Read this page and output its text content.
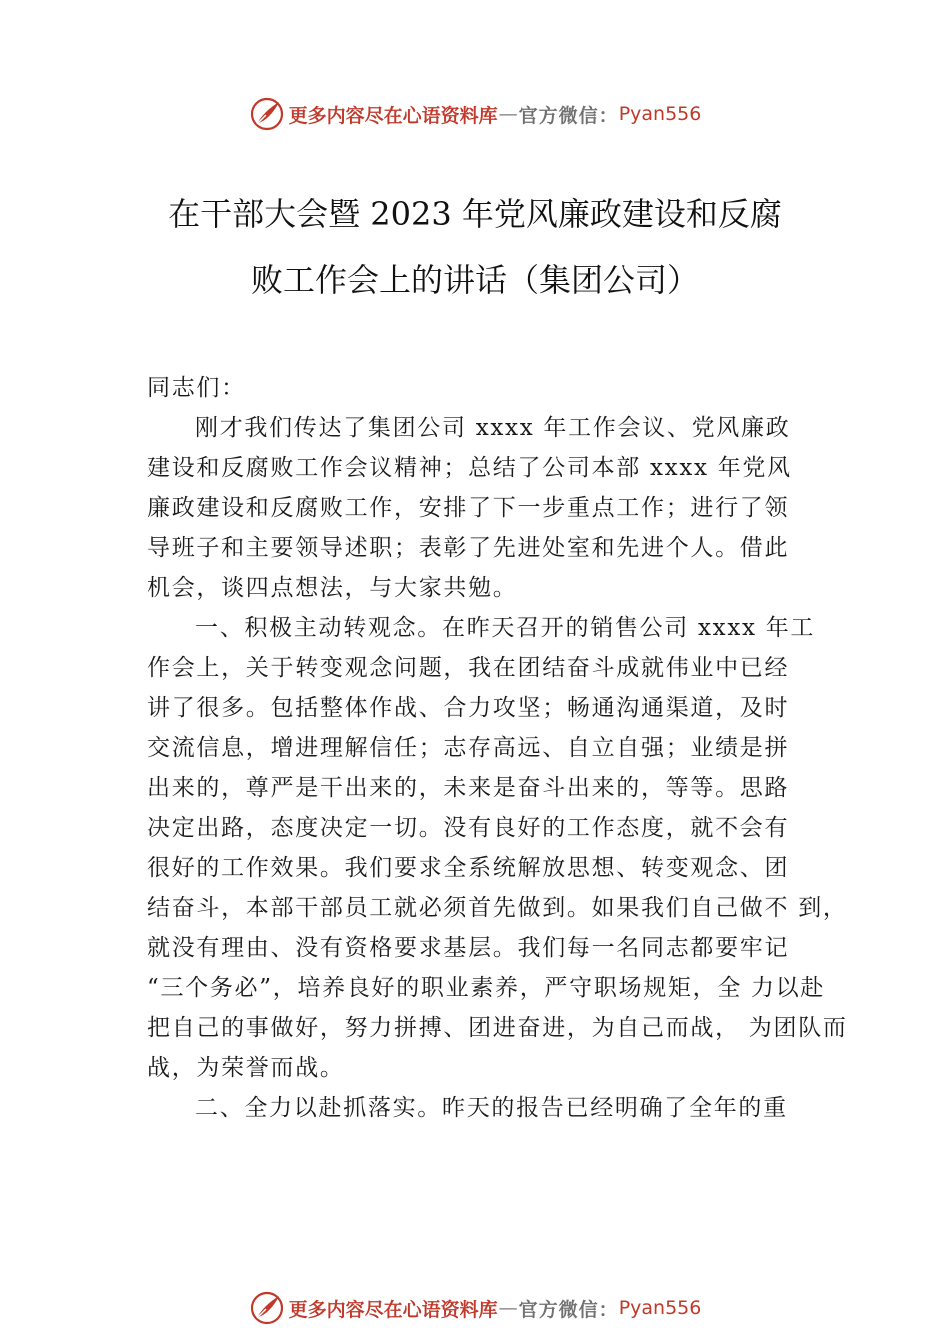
更多内容尽在心语资料库 — 官方微信： Pyan556
在干部大会暨 2023 年党风廉政建设和反腐
败工作会上的讲话（集团公司）
同志们：
刚才我们传达了集团公司 xxxx 年工作会议、党风廉政
建设和反腐败工作会议精神；总结了公司本部 xxxx 年党风
廉政建设和反腐败工作，安排了下一步重点工作；进行了领
导班子和主要领导述职；表彰了先进处室和先进个人。借此
机会，谈四点想法，与大家共勉。
一、积极主动转观念。在昨天召开的销售公司 xxxx 年工
作会上，关于转变观念问题，我在团结奋斗成就伟业中已经
讲了很多。包括整体作战、合力攻坚；畅通沟通渠道，及时
交流信息，增进理解信任；志存高远、自立自强；业绩是拼
出来的，尊严是干出来的，未来是奋斗出来的，等等。思路
决定出路，态度决定一切。没有良好的工作态度，就不会有
很好的工作效果。我们要求全系统解放思想、转变观念、团
结奋斗，本部干部员工就必须首先做到。如果我们自己做不 到，
就没有理由、没有资格要求基层。我们每一名同志都要牢记
“三个务必”，培养良好的职业素养，严守职场规矩，全 力以赴
把自己的事做好，努力拼搏、团进奋进，为自己而战， 为团队而
战，为荣誉而战。
二、全力以赴抓落实。昨天的报告已经明确了全年的重
更多内容尽在心语资料库 — 官方微信： Pyan556
